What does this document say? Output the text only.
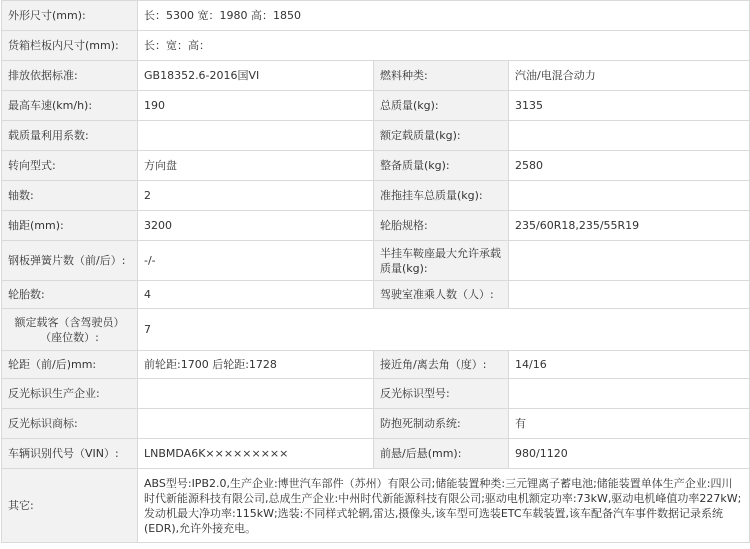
外形尺寸(mm):	长：5300 宽：1980 高：1850		
货箱栏板内尺寸(mm):	长：宽：高：		
排放依据标准:	GB18352.6-2016国VI	燃料种类:	汽油/电混合动力
最高车速(km/h):	190	总质量(kg):	3135
载质量利用系数:		额定载质量(kg):	
转向型式:	方向盘	整备质量(kg):	2580
轴数:	2	准拖挂车总质量(kg):	
轴距(mm):	3200	轮胎规格:	235/60R18,235/55R19
钢板弹簧片数（前/后）:	-/-	半挂车鞍座最大允许承载质量(kg):	
轮胎数:	4	驾驶室准乘人数（人）:	
额定载客（含驾驶员）（座位数）:	7		
轮距（前/后)mm:	前轮距:1700 后轮距:1728	接近角/离去角（度）:	14/16
反光标识生产企业:		反光标识型号:	
反光标识商标:		防抱死制动系统:	有
车辆识别代号（VIN）:	LNBMDA6K×××××××××	前悬/后悬(mm):	980/1120
其它:	ABS型号:IPB2.0,生产企业:博世汽车部件（苏州）有限公司;储能装置种类:三元锂离子蓄电池;储能装置单体生产企业:四川时代新能源科技有限公司,总成生产企业:中州时代新能源科技有限公司;驱动电机额定功率:73kW,驱动电机峰值功率227kW;发动机最大净功率:115kW;选装:不同样式轮辋,雷达,摄像头,该车型可选装ETC车载装置,该车配备汽车事件数据记录系统(EDR),允许外接充电。		
